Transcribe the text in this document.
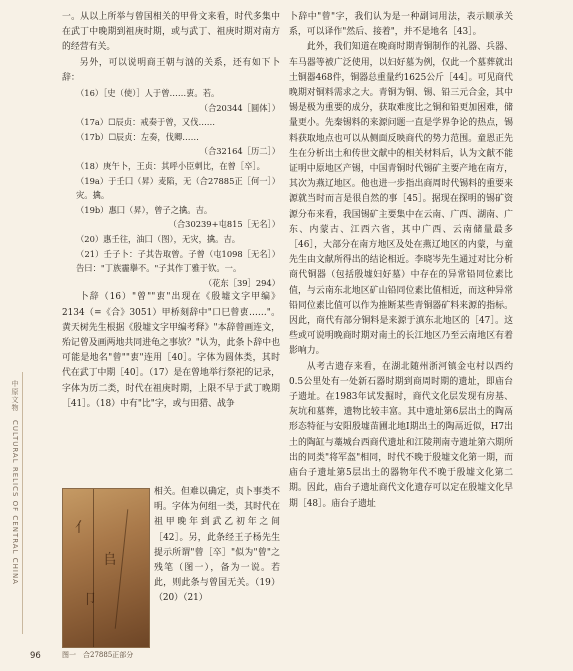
中原文物　CULTURAL RELICS OF CENTRAL CHINA

一。从以上所举与曾国相关的甲骨文来看，时代多集中在武丁中晚期到祖庚时期，或与武丁、祖庚时期对南方的经营有关。

另外，可以说明商王朝与汹的关系，还有如下卜辞：

（16）［史（使）］人于曾……叀。若。
（合20344［圆体］）
（17a）☐辰贞：戒奏于曾，又伐……
（17b）☐辰贞：左奏，伐卿……
（合32164［历二］）
（18）庚午卜，王贞：其呼小臣刺比，在曾［卒］。
（合27885正［何一］）
（19a）于壬囗（昇）麦陷，无灾。擒。
（19b）惠囗（昇），曾子之擒。吉。
（合30239+屯815［无名］）
（20）惠壬往，油囗（图），无灾，擒。吉。
（屯1098［无名］）
（21）壬子卜：子其告取曾。子曾告曰："丁族霾擧不。"子其作丁雅于钦。一。
（花东［39］294）

卜辞（16）"曾""叀"出现在《殷墟文字甲编》2134（=《合》3051）甲桥刻辞中"口巳曾叀……"。黄天树先生根据《殷墟文字甲编考释》"本辞曾画连文，殆记曾及画两地共同进龟之事欤？"认为，此条卜辞中也可能是地名"曾""叀"连用［40］。字体为圆体类，其时代在武丁中期［40］。（17）是在曾地举行祭祀的记录，字体为历二类，时代在祖庚时期，上限不早于武丁晚期［41］。（18）中有"比"字，或与田猎、战争

⺅
𠂤
⼙
图一　合27885正部分

相关。但难以确定，贞卜事类不明。字体为何组一类，其时代在祖甲晚年到武乙初年之间［42］。另，此条经王子杨先生提示所谓"曾［卒］"似为"曾"之残笔（图一），备为一说。若此，则此条与曾国无关。（19）（20）（21）

卜辞中"曾"字，我们认为是一种副词用法，表示顺承关系，可以译作"然后、接着"，并不是地名［43］。

此外，我们知道在晚商时期青铜制作的礼器、兵器、车马器等被广泛使用，以妇好墓为例，仅此一个墓葬就出土铜器468件，铜器总重量约1625公斤［44］。可见商代晚期对铜料需求之大。青铜为铜、锡、铅三元合金，其中锡是极为重要的成分，获取难度比之铜和铅更加困难，储量更小。先秦锡料的来源问题一直是学界争论的热点，锡料获取地点也可以从侧面反映商代的势力范围。童恩正先生在分析出土和传世文献中的相关材料后，认为文献不能证明中原地区产锡，中国青铜时代锡矿主要产地在南方，其次为燕辽地区。他也进一步指出商周时代锡料的重要来源就当时而言是很自然的事［45］。据现在探明的锡矿资源分布来看，我国锡矿主要集中在云南、广西、湖南、广东、内蒙古、江西六省，其中广西、云南储量最多［46］，大部分在南方地区及处在燕辽地区的内蒙，与童先生由文献所得出的结论相近。李晓岑先生通过对比分析商代铜器（包括殷墟妇好墓）中存在的异常铅同位素比值，与云南东北地区矿山铅同位素比值相近，而这种异常铅同位素比值可以作为推断某些青铜器矿料来源的指标。因此，商代有部分铜料是来源于滇东北地区的［47］。这些或可说明晚商时期对南土的长江地区乃至云南地区有着影响力。

从考古遗存来看，在湖北随州浙河镇金屯村以西约0.5公里处有一处新石器时期到商周时期的遗址，即庙台子遗址。在1983年试发掘时，商代文化层发现有房基、灰坑和墓葬，遗物比较丰富。其中遗址第6层出土的陶鬲形态特征与安阳殷墟苗圃北地Ⅰ期出土的陶鬲近似，H7出土的陶缸与藁城台西商代遗址和江陵荆南寺遗址第六期所出的同类"将军盔"相同，时代不晚于殷墟文化第一期，而庙台子遗址第5层出土的器物年代不晚于殷墟文化第二期。因此，庙台子遗址商代文化遗存可以定在殷墟文化早期［48］。庙台子遗址

96
